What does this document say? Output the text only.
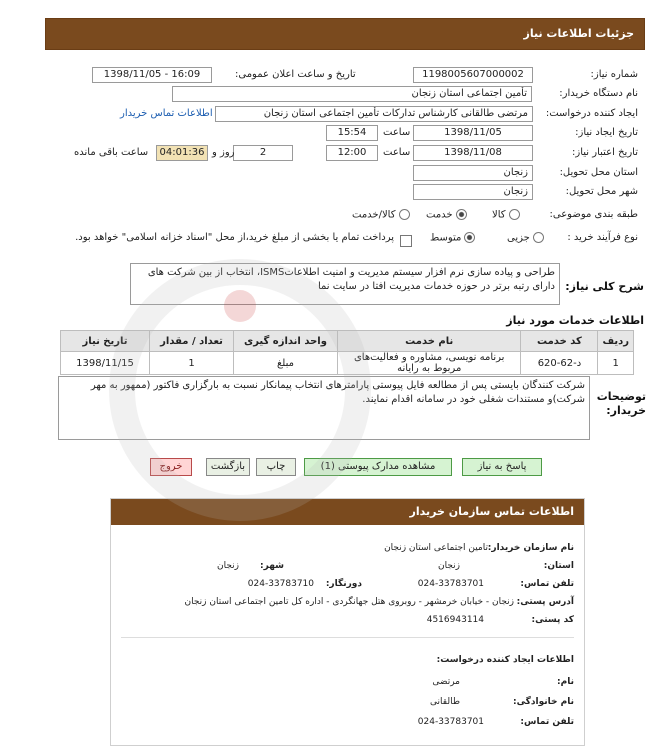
جزئیات اطلاعات نیاز
شماره نیاز:
1198005607000002
تاریخ و ساعت اعلان عمومی:
1398/11/05 - 16:09
نام دستگاه خریدار:
تأمین اجتماعی استان زنجان
ایجاد کننده درخواست:
مرتضی طالقانی کارشناس تدارکات تأمین اجتماعی استان زنجان
اطلاعات تماس خریدار
تاریخ ایجاد نیاز:
1398/11/05
ساعت
15:54
تاریخ اعتبار نیاز:
1398/11/08
ساعت
12:00
2
روز و
04:01:36
ساعت باقی مانده
استان محل تحویل:
زنجان
شهر محل تحویل:
زنجان
طبقه بندی موضوعی:
کالا
خدمت
کالا/خدمت
نوع فرآیند خرید :
جزیی
متوسط
پرداخت تمام یا بخشی از مبلغ خرید،از محل "اسناد خزانه اسلامی" خواهد بود.
شرح کلی نیاز:
طراحی و پیاده سازی نرم افزار سیستم مدیریت و امنیت اطلاعاتISMS، انتخاب از بین شرکت های دارای رتبه برتر در حوزه خدمات مدیریت افتا در سایت نما
اطلاعات خدمات مورد نیاز
ردیف	کد خدمت	نام خدمت	واحد اندازه گیری	تعداد / مقدار	تاریخ نیاز
1	د-62-620	برنامه نویسی، مشاوره و فعالیت‌های مربوط به رایانه	مبلغ	1	1398/11/15
توضیحات خریدار:
شرکت کنندگان بایستی پس از مطالعه فایل پیوستی پارامترهای انتخاب پیمانکار نسبت به بارگزاری فاکتور (ممهور به مهر شرکت)و مستندات شغلی خود در سامانه اقدام نمایند.
پاسخ به نیاز
مشاهده مدارک پیوستی (1)
چاپ
بازگشت
خروج
اطلاعات تماس سازمان خریدار
نام سازمان خریدار:
تامین اجتماعی استان زنجان
استان:
زنجان
شهر:
زنجان
تلفن تماس:
024-33783701
دورنگار:
024-33783710
آدرس پستی:
زنجان - خیابان خرمشهر - روبروی هتل جهانگردی - اداره کل تامین اجتماعی استان زنجان
کد پستی:
4516943114
اطلاعات ایجاد کننده درخواست:
نام:
مرتضی
نام خانوادگی:
طالقانی
تلفن تماس:
024-33783701
